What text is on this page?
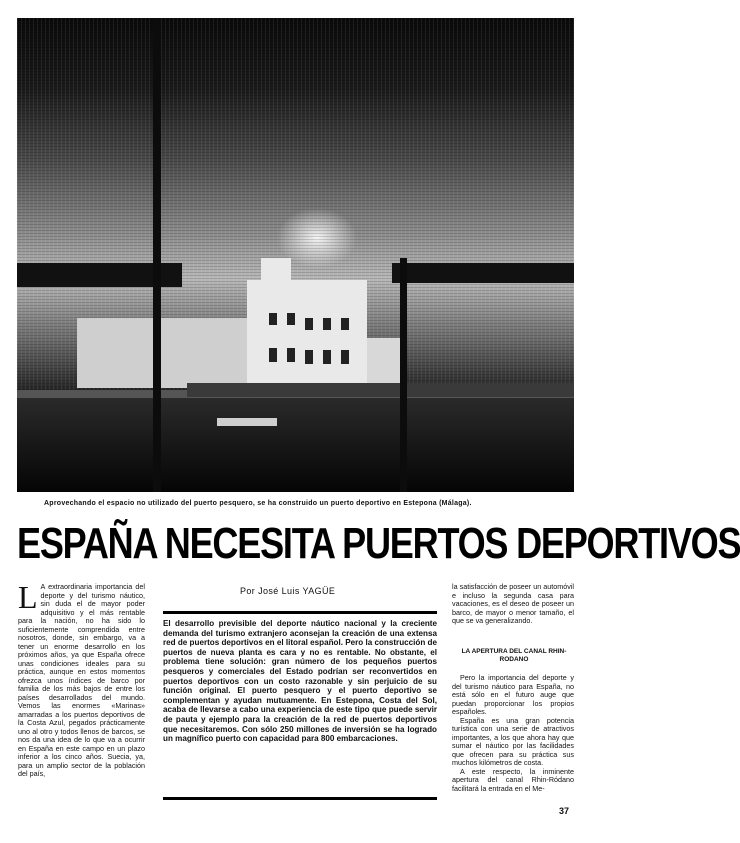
Aprovechando el espacio no utilizado del puerto pesquero, se ha construido un puerto deportivo en Estepona (Málaga).
ESPAÑA NECESITA PUERTOS DEPORTIVOS
L A extraordinaria importancia del deporte y del turismo náutico, sin duda el de mayor poder adquisitivo y el más rentable para la nación, no ha sido lo suficientemente comprendida entre nosotros, donde, sin embargo, va a tener un enorme desarrollo en los próximos años, ya que España ofrece unas condiciones ideales para su práctica, aunque en estos momentos ofrezca unos índices de barco por familia de los más bajos de entre los países desarrollados del mundo. Vemos las enormes «Marinas» amarradas a los puertos deportivos de la Costa Azul, pegados prácticamente uno al otro y todos llenos de barcos, se nos da una idea de lo que va a ocurrir en España en este campo en un plazo inferior a los cinco años. Suecia, ya, para un amplio sector de la población del país,
Por José Luis YAGÜE
El desarrollo previsible del deporte náutico nacional y la creciente demanda del turismo extranjero aconsejan la creación de una extensa red de puertos deportivos en el litoral español. Pero la construcción de puertos de nueva planta es cara y no es rentable. No obstante, el problema tiene solución: gran número de los pequeños puertos pesqueros y comerciales del Estado podrían ser reconvertidos en puertos deportivos con un costo razonable y sin perjuicio de su función original. El puerto pesquero y el puerto deportivo se complementan y ayudan mutuamente. En Estepona, Costa del Sol, acaba de llevarse a cabo una experiencia de este tipo que puede servir de pauta y ejemplo para la creación de la red de puertos deportivos que necesitaremos. Con sólo 250 millones de inversión se ha logrado un magnífico puerto con capacidad para 800 embarcaciones.
la satisfacción de poseer un automóvil e incluso la segunda casa para vacaciones, es el deseo de poseer un barco, de mayor o menor tamaño, el que se va generalizando.
LA APERTURA DEL CANAL RHIN-RODANO

Pero la importancia del deporte y del turismo náutico para España, no está sólo en el futuro auge que puedan proporcionar los propios españoles.

España es una gran potencia turística con una serie de atractivos importantes, a los que ahora hay que sumar el náutico por las facilidades que ofrecen para su práctica sus muchos kilómetros de costa.

A este respecto, la inminente apertura del canal Rhin-Ródano facilitará la entrada en el Me-

37
